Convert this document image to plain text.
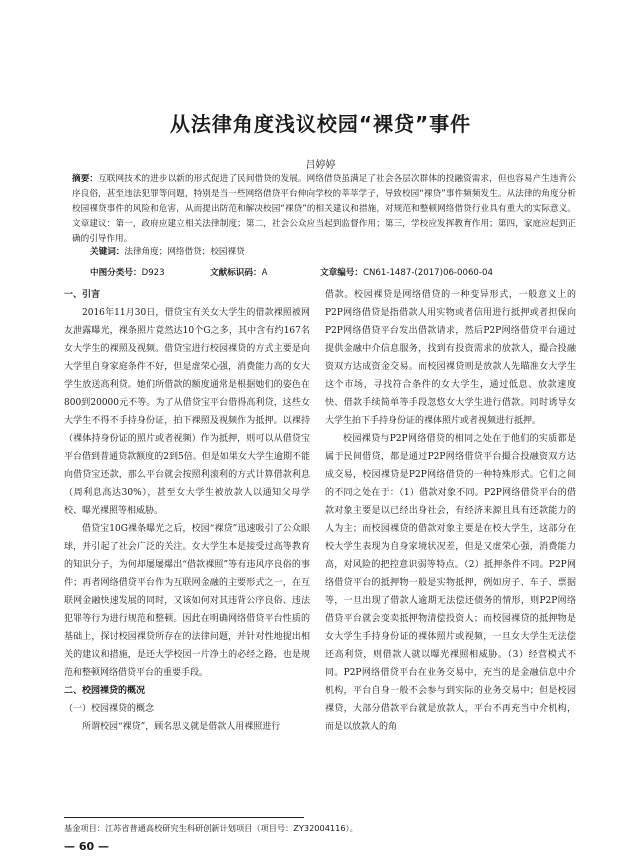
从法律角度浅议校园“裸贷”事件
吕婷婷
摘要：互联网技术的进步以新的形式促进了民间借贷的发展。网络借贷虽满足了社会各层次群体的投融资需求，但也容易产生违背公序良俗，甚至违法犯罪等问题，特别是当一些网络借贷平台伸向学校的莘莘学子，导致校园“裸贷”事件频频发生。从法律的角度分析校园裸贷事件的风险和危害，从而提出防范和解决校园“裸贷”的相关建议和措施，对规范和整顿网络借贷行业具有重大的实际意义。文章建议：第一，政府应建立相关法律制度；第二，社会公众应当起到监督作用；第三，学校应发挥教育作用；第四，家庭应起到正确的引导作用。
关键词：法律角度；网络借贷；校园裸贷
中图分类号：D923	文献标识码：A	文章编号：CN61-1487-(2017)06-0060-04
一、引言

2016年11月30日，借贷宝有关女大学生的借款裸照被网友泄露曝光，裸条照片竟然达10个G之多，其中含有约167名女大学生的裸照及视频。借贷宝进行校园裸贷的方式主要是向大学里自身家庭条件不好，但是虚荣心强，消费能力高的女大学生放送高利贷。她们所借款的额度通常是根据她们的姿色在800到20000元不等。为了从借贷宝平台借得高利贷，这些女大学生不得不手持身份证，拍下裸照及视频作为抵押。以裸持（裸体持身份证的照片或者视频）作为抵押，则可以从借贷宝平台借到普通贷款额度的2到5倍。但是如果女大学生逾期不能向借贷宝还款，那么平台就会按照利滚利的方式计算借款利息（周利息高达30%），甚至女大学生被放款人以通知父母学校、曝光裸照等相威胁。

借贷宝10G裸条曝光之后，校园“裸贷”迅速吸引了公众眼球，并引起了社会广泛的关注。女大学生本是接受过高等教育的知识分子，为何却屡屡爆出“借款裸照”等有违风序良俗的事件；再者网络借贷平台作为互联网金融的主要形式之一，在互联网金融快速发展的同时，又该如何对其违背公序良俗、违法犯罪等行为进行规范和整顿。因此在明确网络借贷平台性质的基础上，探讨校园裸贷所存在的法律问题，并针对性地提出相关的建议和措施，是还大学校园一片净土的必经之路，也是规范和整顿网络借贷平台的重要手段。

二、校园裸贷的概况
（一）校园裸贷的概念

所谓校园“裸贷”，顾名思义就是借款人用裸照进行

借款。校园裸贷是网络借贷的一种变异形式，一般意义上的P2P网络借贷是指借款人用实物或者信用进行抵押或者担保向P2P网络借贷平台发出借款请求，然后P2P网络借贷平台通过提供金融中介信息服务，找到有投资需求的放款人，撮合投融资双方达成资金交易。而校园裸贷则是放款人先瞄准女大学生这个市场，寻找符合条件的女大学生，通过低息、放款速度快、借款手续简单等手段忽悠女大学生进行借款。同时诱导女大学生拍下手持身份证的裸体照片或者视频进行抵押。

校园裸贷与P2P网络借贷的相同之处在于他们的实质都是属于民间借贷，都是通过P2P网络借贷平台撮合投融资双方达成交易，校园裸贷是P2P网络借贷的一种特殊形式。它们之间的不同之处在于：（1）借款对象不同。P2P网络借贷平台的借款对象主要是以已经出身社会，有经济来源且具有还款能力的人为主；而校园裸贷的借款对象主要是在校大学生，这部分在校大学生表现为自身家境状况差，但是又虚荣心强，消费能力高，对风险的把控意识弱等特点。（2）抵押条件不同。P2P网络借贷平台的抵押物一般是实物抵押，例如房子、车子、票据等，一旦出现了借款人逾期无法偿还债务的情形，则P2P网络借贷平台就会变卖抵押物清偿投资人；而校园裸贷的抵押物是女大学生手持身份证的裸体照片或视频，一旦女大学生无法偿还高利贷，则借款人就以曝光裸照相威胁。（3）经营模式不同。P2P网络借贷平台在业务交易中，充当的是金融信息中介机构，平台自身一般不会参与到实际的业务交易中；但是校园裸贷，大部分借款平台就是放款人，平台不再充当中介机构，而是以放款人的角

基金项目：江苏省普通高校研究生科研创新计划项目（项目号：ZY32004116）。
— 60 —
